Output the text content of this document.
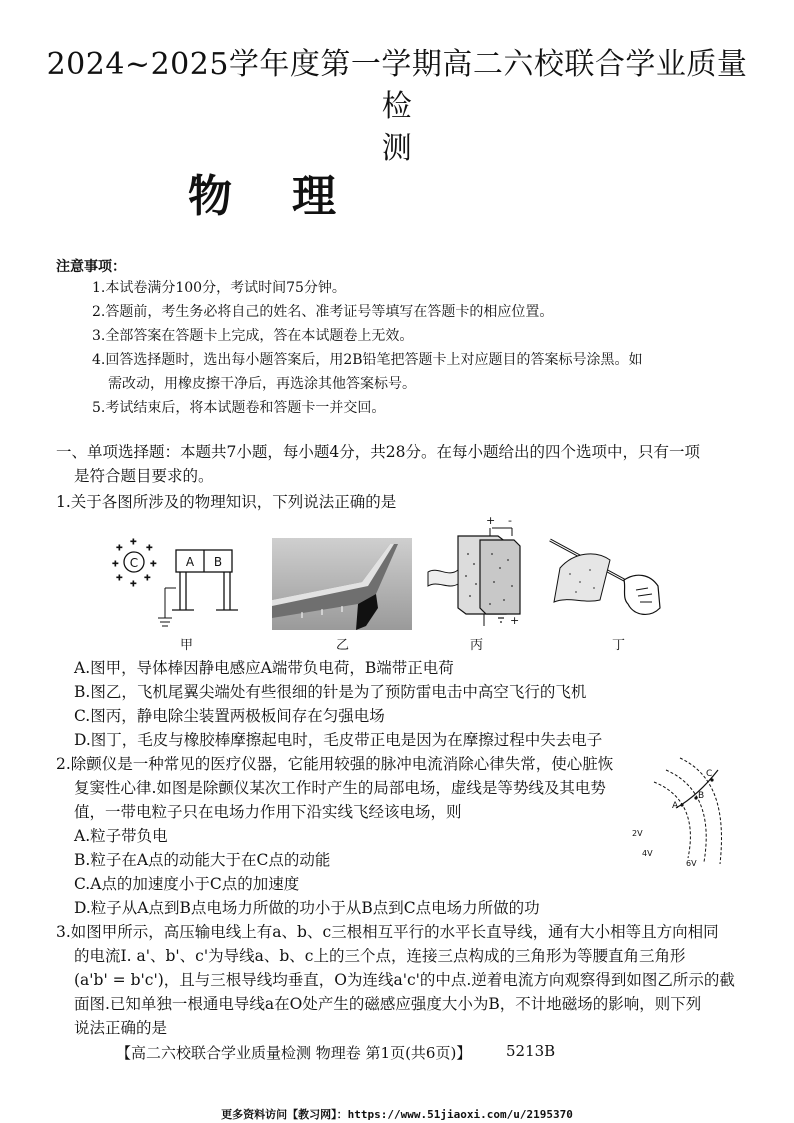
2024~2025学年度第一学期高二六校联合学业质量检
测
物理
注意事项：
1.本试卷满分100分，考试时间75分钟。
2.答题前，考生务必将自己的姓名、准考证号等填写在答题卡的相应位置。
3.全部答案在答题卡上完成，答在本试题卷上无效。
4.回答选择题时，选出每小题答案后，用2B铅笔把答题卡上对应题目的答案标号涂黑。如
需改动，用橡皮擦干净后，再选涂其他答案标号。
5.考试结束后，将本试题卷和答题卡一并交回。
一、单项选择题：本题共7小题，每小题4分，共28分。在每小题给出的四个选项中，只有一项
是符合题目要求的。
1.关于各图所涉及的物理知识，下列说法正确的是
C
+
+
+
+
+
+
+
+
A B
+ -
+
甲	乙	丙	丁
A.图甲，导体棒因静电感应A端带负电荷，B端带正电荷
B.图乙，飞机尾翼尖端处有些很细的针是为了预防雷电击中高空飞行的飞机
C.图丙，静电除尘装置两极板间存在匀强电场
D.图丁，毛皮与橡胶棒摩擦起电时，毛皮带正电是因为在摩擦过程中失去电子
2.除颤仪是一种常见的医疗仪器，它能用较强的脉冲电流消除心律失常，使心脏恢
复窦性心律.如图是除颤仪某次工作时产生的局部电场，虚线是等势线及其电势
值，一带电粒子只在电场力作用下沿实线飞经该电场，则
A.粒子带负电
B.粒子在A点的动能大于在C点的动能
C.A点的加速度小于C点的加速度
D.粒子从A点到B点电场力所做的功小于从B点到C点电场力所做的功
A
B
C
2V
4V
6V
3.如图甲所示，高压输电线上有a、b、c三根相互平行的水平长直导线，通有大小相等且方向相同
的电流I. a'、b'、c'为导线a、b、c上的三个点，连接三点构成的三角形为等腰直角三角形
(a'b' = b'c')，且与三根导线均垂直，O为连线a'c'的中点.逆着电流方向观察得到如图乙所示的截
面图.已知单独一根通电导线a在O处产生的磁感应强度大小为B，不计地磁场的影响，则下列
说法正确的是
【高二六校联合学业质量检测 物理卷 第1页(共6页)】 5213B
更多资料访问【教习网】：https://www.51jiaoxi.com/u/2195370
